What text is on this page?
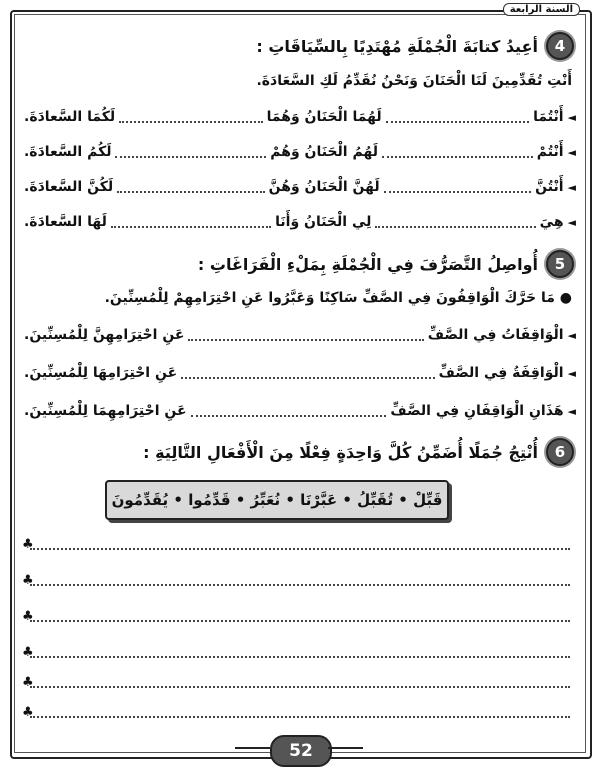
السنة الرابعة
4
أعِيدُ كتابَةَ الْجُمْلَةِ مُهْتَدِيًا بِالسِّيَاقَاتِ :
أَنْتِ تُقَدِّمِينَ لَنَا الْحَنَانَ وَنَحْنُ نُقَدِّمُ لَكِ السَّعَادَةَ.
◄
أَنْتُمَا
لَهُمَا الْحَنَانُ وَهُمَا
لَكُمَا السَّعادَةَ.
◄
أَنْتُمْ
لَهُمُ الْحَنَانُ وَهُمْ
لَكُمُ السَّعادَةَ.
◄
أَنْتُنَّ
لَهُنَّ الْحَنَانُ وَهُنَّ
لَكُنَّ السَّعادَةَ.
◄
هِيَ
لِي الْحَنَانُ وَأَنَا
لَهَا السَّعادَةَ.
5
أُواصِلُ التَّصَرُّفَ فِي الْجُمْلَةِ بِمَلْءِ الْفَرَاغَاتِ :
● مَا حَرَّكَ الْوَاقِفُونَ فِي الصَّفِّ سَاكِنًا وَعَبَّرُوا عَنِ احْتِرَامِهِمْ لِلْمُسِنِّينَ.
◄
الْوَاقِفَاتُ فِي الصَّفِّ
عَنِ احْتِرَامِهِنَّ لِلْمُسِنِّينَ.
◄
الْوَاقِفَةُ فِي الصَّفِّ
عَنِ احْتِرَامِهَا لِلْمُسِنِّينَ.
◄
هَذَانِ الْوَاقِفَانِ فِي الصَّفِّ
عَنِ احْتِرَامِهِمَا لِلْمُسِنِّينَ.
6
أُنْتِجُ جُمَلًا أُضَمِّنُ كُلَّ وَاحِدَةٍ فِعْلًا مِنَ الْأَفْعَالِ التَّالِيَةِ :
قَبِّلْ • تُقَبِّلُ • عَبَّرْنَا • نُعَبِّرُ • قَدِّمُوا • يُقَدِّمُونَ
♣
♣
♣
♣
♣
♣
52
